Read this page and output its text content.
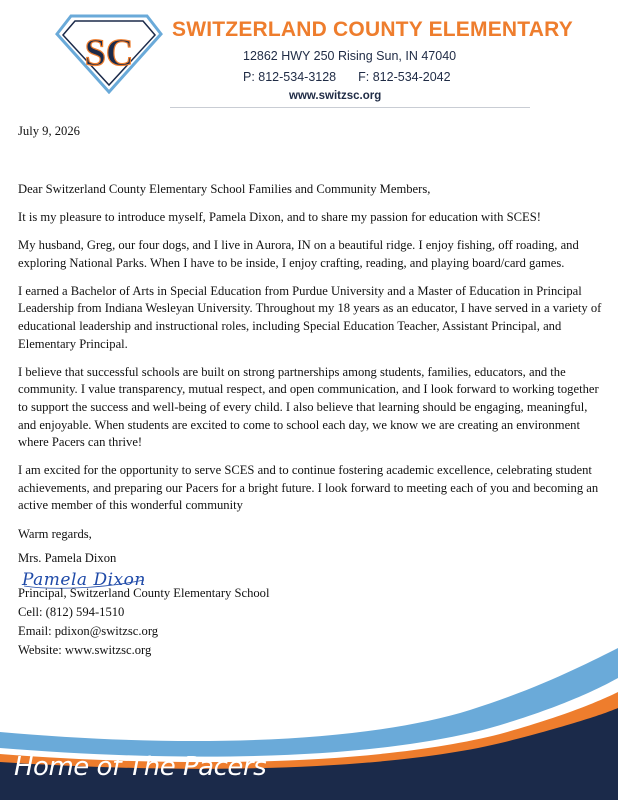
SC
SWITZERLAND COUNTY ELEMENTARY
12862 HWY 250 Rising Sun, IN 47040
P: 812-534-3128 F: 812-534-2042
www.switzsc.org
July 9, 2026

Dear Switzerland County Elementary School Families and Community Members,

It is my pleasure to introduce myself, Pamela Dixon, and to share my passion for education with SCES!

My husband, Greg, our four dogs, and I live in Aurora, IN on a beautiful ridge. I enjoy fishing, off roading, and exploring National Parks. When I have to be inside, I enjoy crafting, reading, and playing board/card games.

I earned a Bachelor of Arts in Special Education from Purdue University and a Master of Education in Principal Leadership from Indiana Wesleyan University. Throughout my 18 years as an educator, I have served in a variety of educational leadership and instructional roles, including Special Education Teacher, Assistant Principal, and Elementary Principal.

I believe that successful schools are built on strong partnerships among students, families, educators, and the community. I value transparency, mutual respect, and open communication, and I look forward to working together to support the success and well-being of every child. I also believe that learning should be engaging, meaningful, and enjoyable. When students are excited to come to school each day, we know we are creating an environment where Pacers can thrive!

I am excited for the opportunity to serve SCES and to continue fostering academic excellence, celebrating student achievements, and preparing our Pacers for a bright future. I look forward to meeting each of you and becoming an active member of this wonderful community

Warm regards,

Mrs. Pamela Dixon
Pamela Dixon
Principal, Switzerland County Elementary School
Cell: (812) 594-1510
Email: pdixon@switzsc.org
Website: www.switzsc.org
Home of The Pacers
